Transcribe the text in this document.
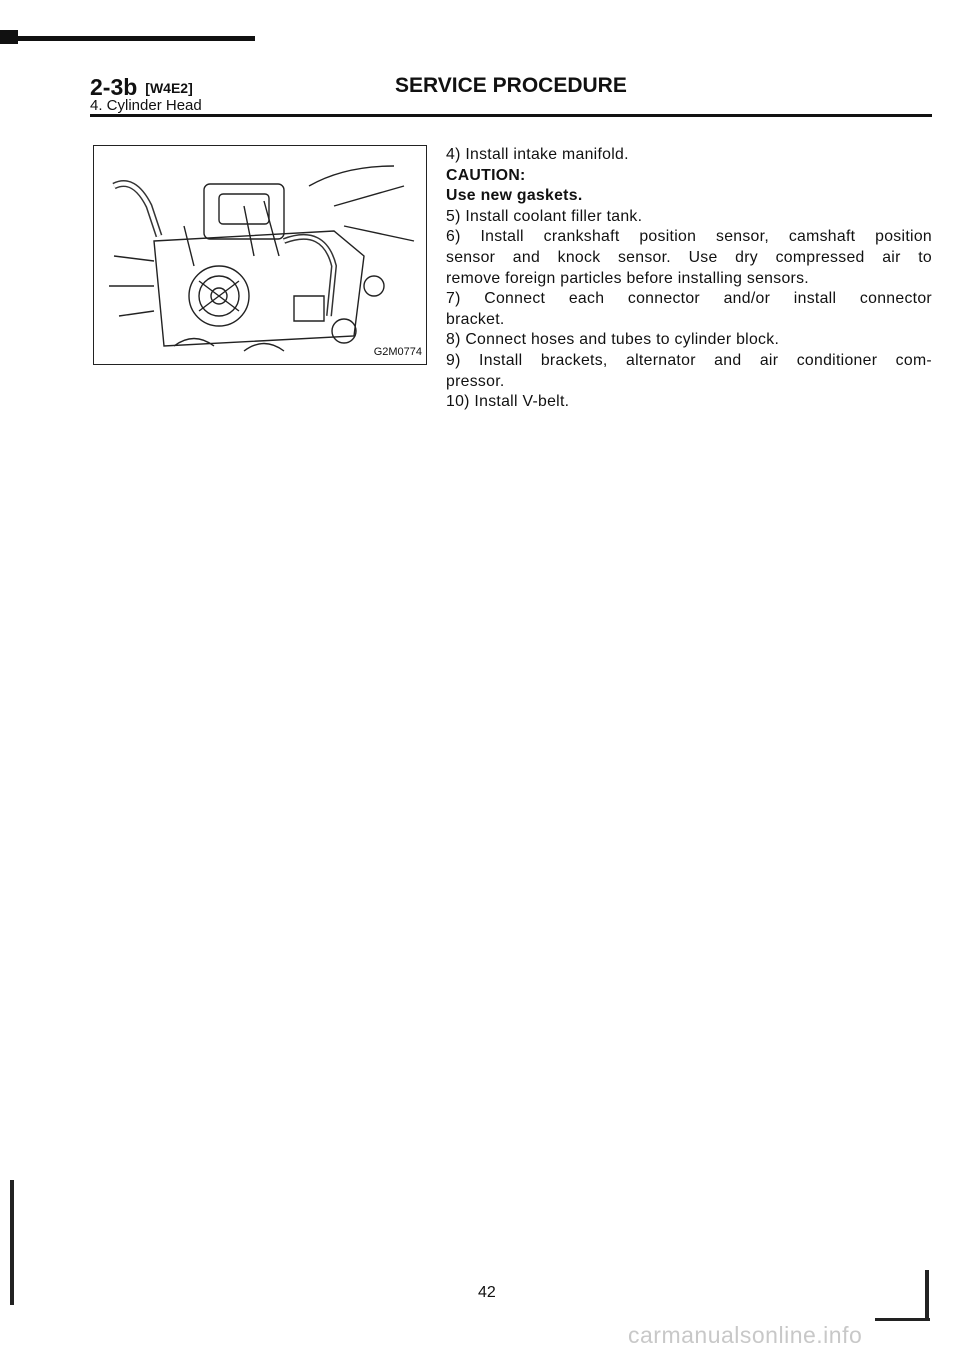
2-3b [W4E2]
4. Cylinder Head
SERVICE PROCEDURE
G2M0774

4) Install intake manifold.

CAUTION:

Use new gaskets.

5) Install coolant filler tank.

6) Install crankshaft position sensor, camshaft position

sensor and knock sensor. Use dry compressed air to

remove foreign particles before installing sensors.

7) Connect each connector and/or install connector

bracket.

8) Connect hoses and tubes to cylinder block.

9) Install brackets, alternator and air conditioner com-

pressor.

10) Install V-belt.

42
carmanualsonline.info
